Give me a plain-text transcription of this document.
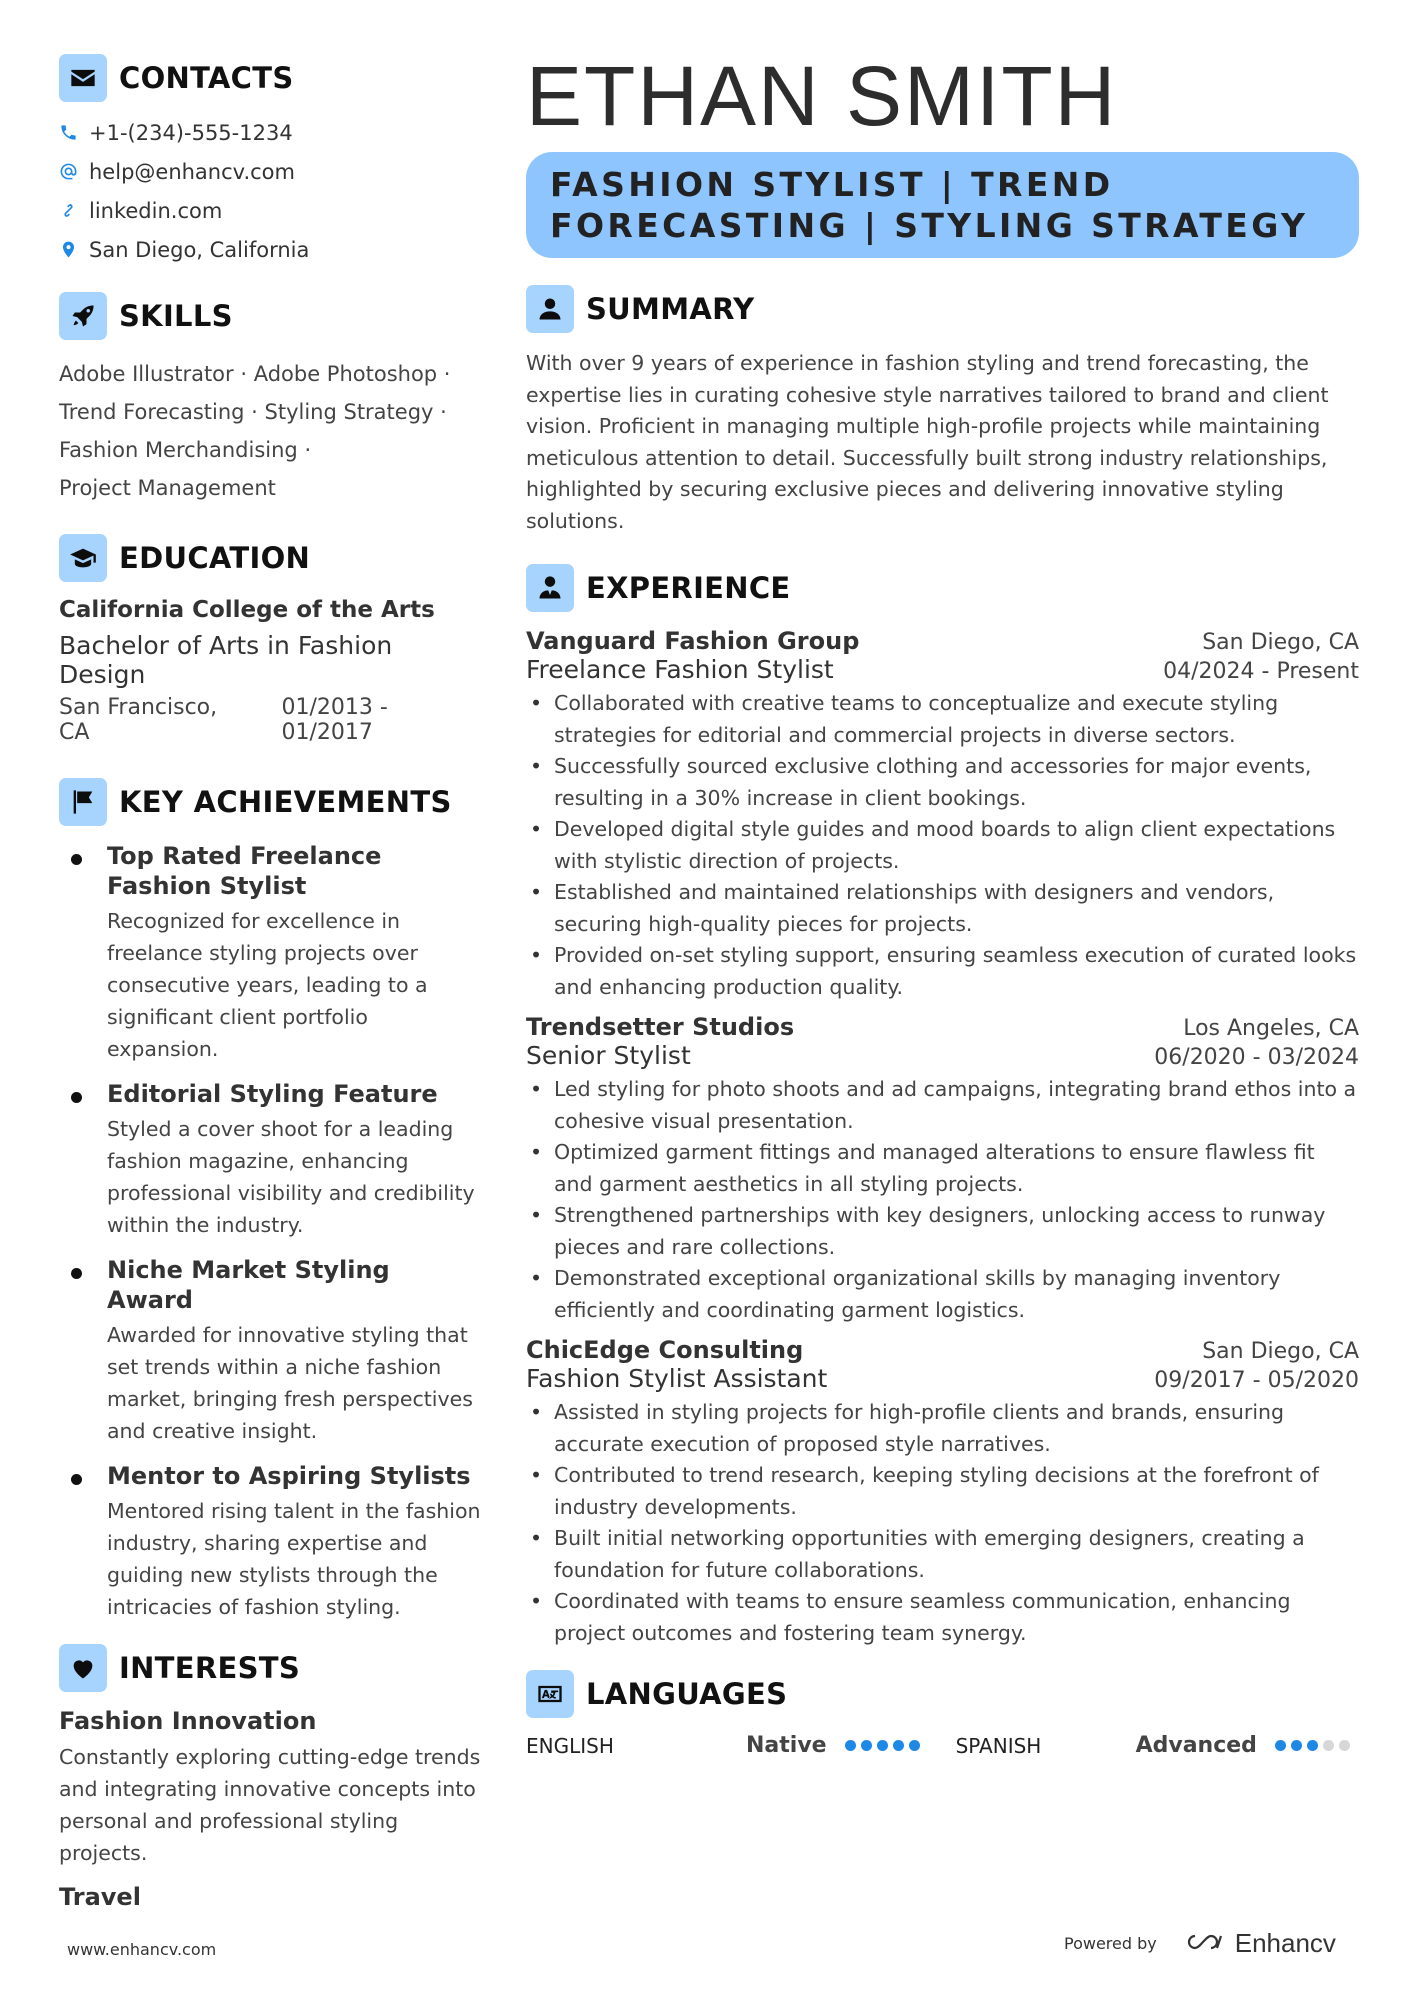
CONTACTS
+1-(234)-555-1234
help@enhancv.com
linkedin.com
San Diego, California
SKILLS
Adobe Illustrator · Adobe Photoshop ·
Trend Forecasting · Styling Strategy ·
Fashion Merchandising ·
Project Management
EDUCATION
California College of the Arts
Bachelor of Arts in Fashion Design
San Francisco, CA
01/2013 - 01/2017
KEY ACHIEVEMENTS
Top Rated Freelance Fashion Stylist
Recognized for excellence in freelance styling projects over consecutive years, leading to a significant client portfolio expansion.
Editorial Styling Feature
Styled a cover shoot for a leading fashion magazine, enhancing professional visibility and credibility within the industry.
Niche Market Styling Award
Awarded for innovative styling that set trends within a niche fashion market, bringing fresh perspectives and creative insight.
Mentor to Aspiring Stylists
Mentored rising talent in the fashion industry, sharing expertise and guiding new stylists through the intricacies of fashion styling.
INTERESTS
Fashion Innovation
Constantly exploring cutting-edge trends and integrating innovative concepts into personal and professional styling projects.
Travel
ETHAN SMITH
FASHION STYLIST | TREND FORECASTING | STYLING STRATEGY
SUMMARY
With over 9 years of experience in fashion styling and trend forecasting, the expertise lies in curating cohesive style narratives tailored to brand and client vision. Proficient in managing multiple high-profile projects while maintaining meticulous attention to detail. Successfully built strong industry relationships, highlighted by securing exclusive pieces and delivering innovative styling solutions.
EXPERIENCE
Vanguard Fashion Group	San Diego, CA
Freelance Fashion Stylist	04/2024 - Present
• Collaborated with creative teams to conceptualize and execute styling strategies for editorial and commercial projects in diverse sectors.
• Successfully sourced exclusive clothing and accessories for major events, resulting in a 30% increase in client bookings.
• Developed digital style guides and mood boards to align client expectations with stylistic direction of projects.
• Established and maintained relationships with designers and vendors, securing high-quality pieces for projects.
• Provided on-set styling support, ensuring seamless execution of curated looks and enhancing production quality.
Trendsetter Studios	Los Angeles, CA
Senior Stylist	06/2020 - 03/2024
• Led styling for photo shoots and ad campaigns, integrating brand ethos into a cohesive visual presentation.
• Optimized garment fittings and managed alterations to ensure flawless fit and garment aesthetics in all styling projects.
• Strengthened partnerships with key designers, unlocking access to runway pieces and rare collections.
• Demonstrated exceptional organizational skills by managing inventory efficiently and coordinating garment logistics.
ChicEdge Consulting	San Diego, CA
Fashion Stylist Assistant	09/2017 - 05/2020
• Assisted in styling projects for high-profile clients and brands, ensuring accurate execution of proposed style narratives.
• Contributed to trend research, keeping styling decisions at the forefront of industry developments.
• Built initial networking opportunities with emerging designers, creating a foundation for future collaborations.
• Coordinated with teams to ensure seamless communication, enhancing project outcomes and fostering team synergy.
LANGUAGES
ENGLISH	Native	SPANISH	Advanced
www.enhancv.com	Powered by	Enhancv
